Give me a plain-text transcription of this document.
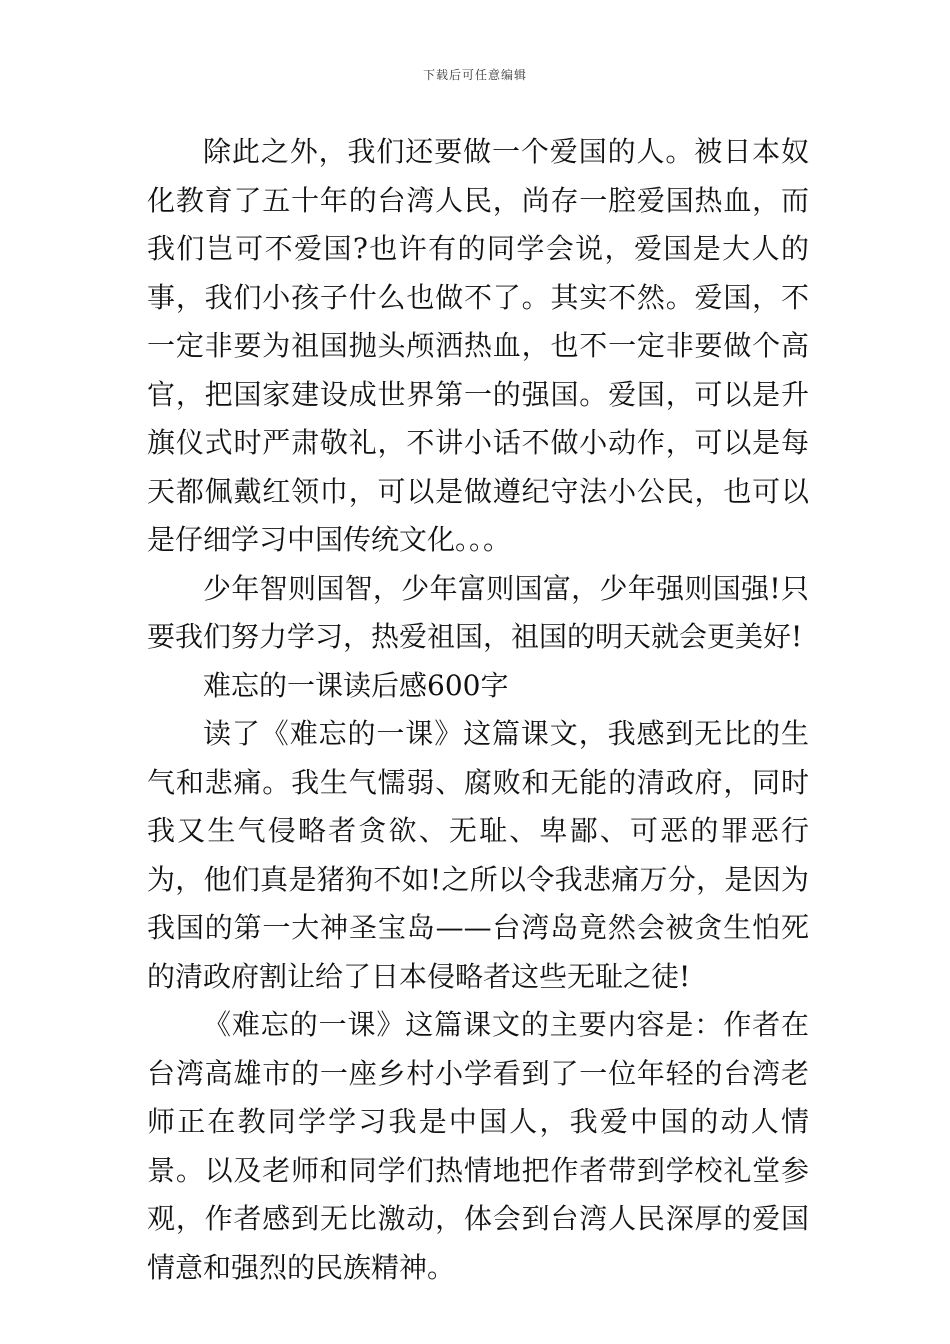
下载后可任意编辑

除此之外，我们还要做一个爱国的人。被日本奴化教育了五十年的台湾人民，尚存一腔爱国热血，而我们岂可不爱国?也许有的同学会说，爱国是大人的事，我们小孩子什么也做不了。其实不然。爱国，不一定非要为祖国抛头颅洒热血，也不一定非要做个高官，把国家建设成世界第一的强国。爱国，可以是升旗仪式时严肃敬礼，不讲小话不做小动作，可以是每天都佩戴红领巾，可以是做遵纪守法小公民，也可以是仔细学习中国传统文化。。。

少年智则国智，少年富则国富，少年强则国强!只要我们努力学习，热爱祖国，祖国的明天就会更美好!

难忘的一课读后感600字

读了《难忘的一课》这篇课文，我感到无比的生气和悲痛。我生气懦弱、腐败和无能的清政府，同时我又生气侵略者贪欲、无耻、卑鄙、可恶的罪恶行为，他们真是猪狗不如!之所以令我悲痛万分，是因为我国的第一大神圣宝岛——台湾岛竟然会被贪生怕死的清政府割让给了日本侵略者这些无耻之徒!

《难忘的一课》这篇课文的主要内容是：作者在台湾高雄市的一座乡村小学看到了一位年轻的台湾老师正在教同学学习我是中国人，我爱中国的动人情景。以及老师和同学们热情地把作者带到学校礼堂参观，作者感到无比激动，体会到台湾人民深厚的爱国情意和强烈的民族精神。
